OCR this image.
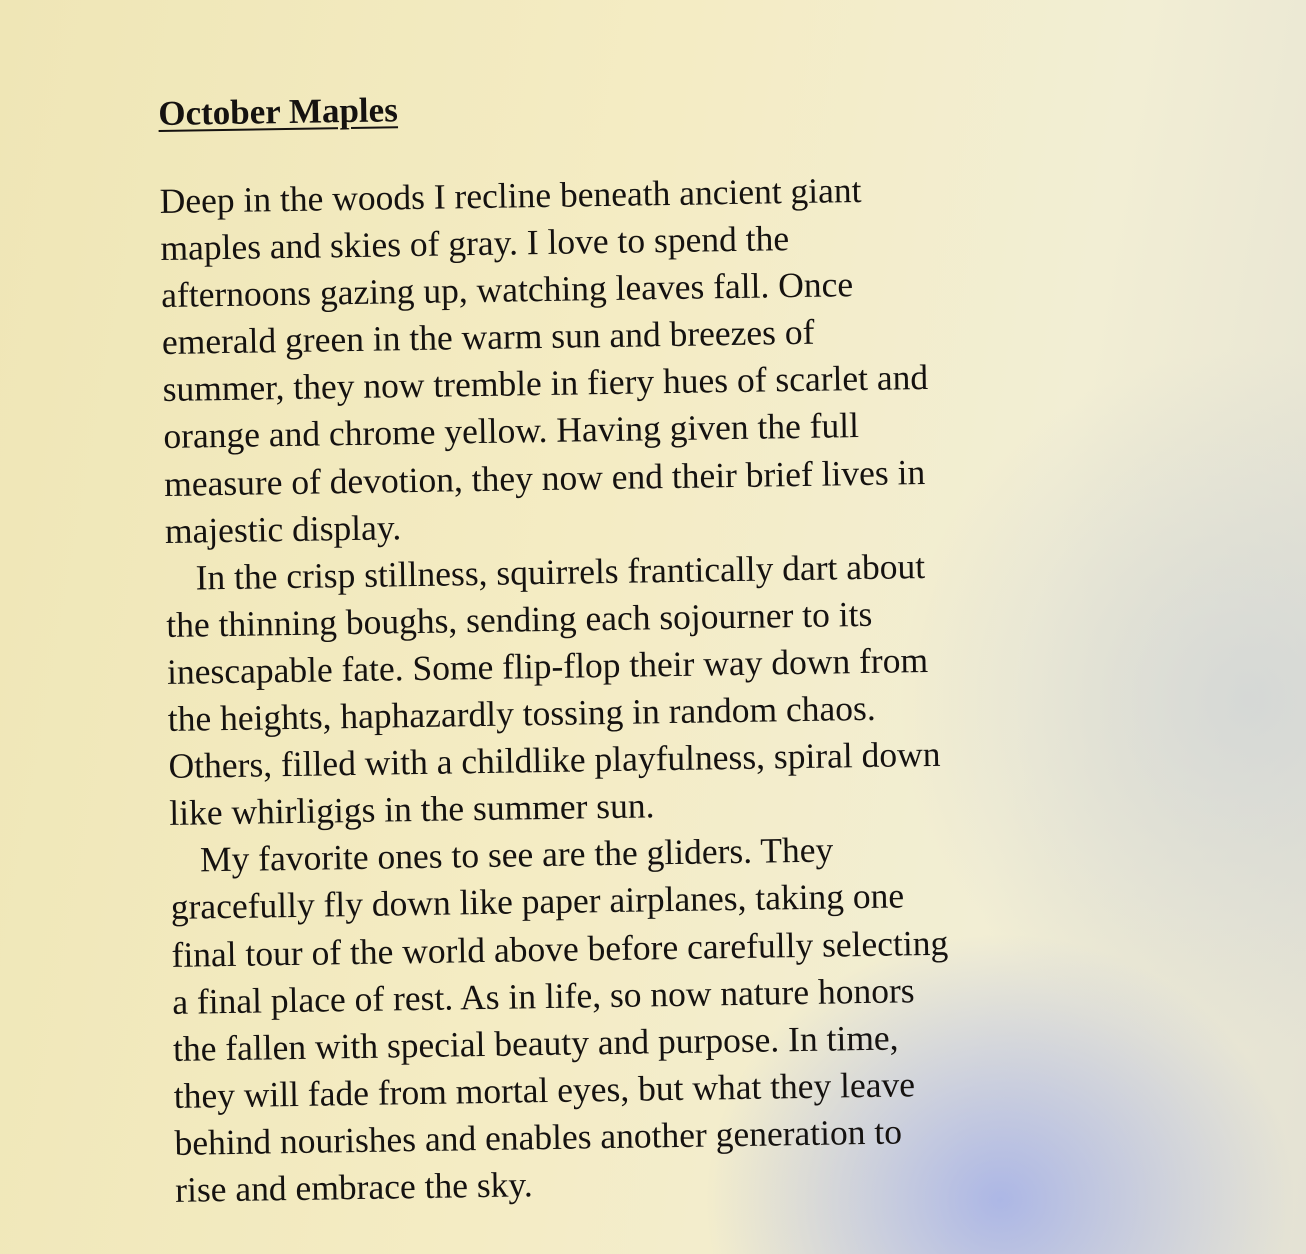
October Maples
Deep in the woods I recline beneath ancient giant
maples and skies of gray. I love to spend the
afternoons gazing up, watching leaves fall. Once
emerald green in the warm sun and breezes of
summer, they now tremble in fiery hues of scarlet and
orange and chrome yellow. Having given the full
measure of devotion, they now end their brief lives in
majestic display.
In the crisp stillness, squirrels frantically dart about
the thinning boughs, sending each sojourner to its
inescapable fate. Some flip-flop their way down from
the heights, haphazardly tossing in random chaos.
Others, filled with a childlike playfulness, spiral down
like whirligigs in the summer sun.
My favorite ones to see are the gliders. They
gracefully fly down like paper airplanes, taking one
final tour of the world above before carefully selecting
a final place of rest. As in life, so now nature honors
the fallen with special beauty and purpose. In time,
they will fade from mortal eyes, but what they leave
behind nourishes and enables another generation to
rise and embrace the sky.
